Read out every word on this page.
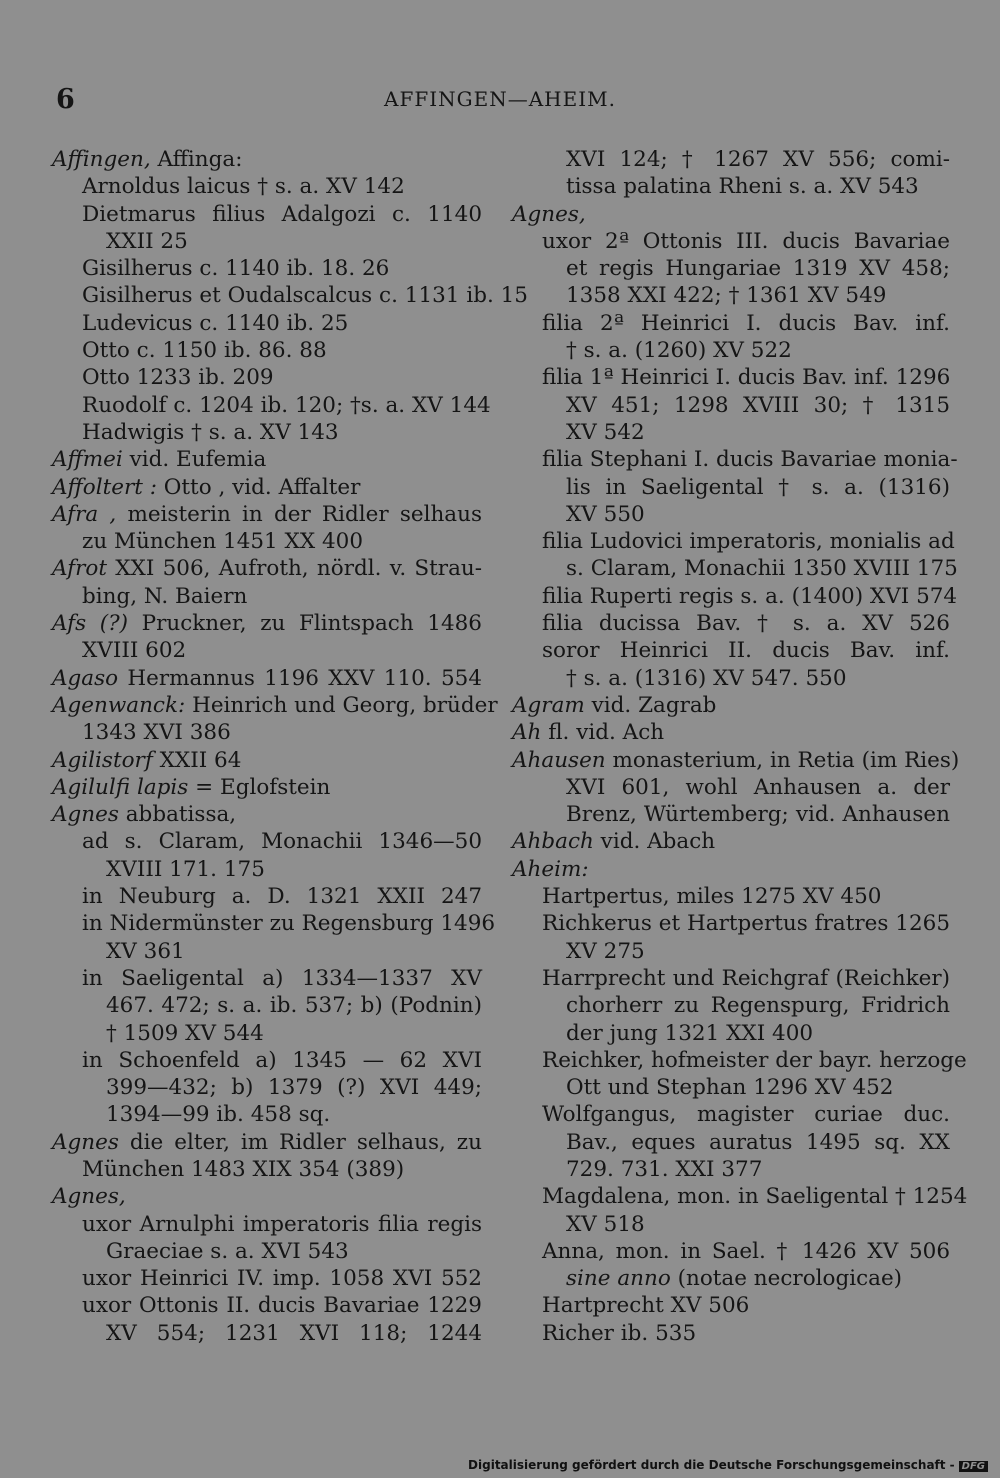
6	AFFINGEN—AHEIM.
Affingen, Affinga:
Arnoldus laicus † s. a. XV 142
Dietmarus filius Adalgozi c. 1140
XXII 25
Gisilherus c. 1140 ib. 18. 26
Gisilherus et Oudalscalcus c. 1131 ib. 15
Ludevicus c. 1140 ib. 25
Otto c. 1150 ib. 86. 88
Otto 1233 ib. 209
Ruodolf c. 1204 ib. 120; †s. a. XV 144
Hadwigis † s. a. XV 143
Affmei vid. Eufemia
Affoltert : Otto , vid. Affalter
Afra , meisterin in der Ridler selhaus
zu München 1451 XX 400
Afrot XXI 506, Aufroth, nördl. v. Strau-
bing, N. Baiern
Afs (?) Pruckner, zu Flintspach 1486
XVIII 602
Agaso Hermannus 1196 XXV 110. 554
Agenwanck: Heinrich und Georg, brüder
1343 XVI 386
Agilistorf XXII 64
Agilulfi lapis = Eglofstein
Agnes abbatissa,
ad s. Claram, Monachii 1346—50
XVIII 171. 175
in Neuburg a. D. 1321 XXII 247
in Nidermünster zu Regensburg 1496
XV 361
in Saeligental a) 1334—1337 XV
467. 472; s. a. ib. 537; b) (Podnin)
† 1509 XV 544
in Schoenfeld a) 1345 — 62 XVI
399—432; b) 1379 (?) XVI 449;
1394—99 ib. 458 sq.
Agnes die elter, im Ridler selhaus, zu
München 1483 XIX 354 (389)
Agnes,
uxor Arnulphi imperatoris filia regis
Graeciae s. a. XVI 543
uxor Heinrici IV. imp. 1058 XVI 552
uxor Ottonis II. ducis Bavariae 1229
XV 554; 1231 XVI 118; 1244
XVI 124; † 1267 XV 556; comi-
tissa palatina Rheni s. a. XV 543
Agnes,
uxor 2ª Ottonis III. ducis Bavariae
et regis Hungariae 1319 XV 458;
1358 XXI 422; † 1361 XV 549
filia 2ª Heinrici I. ducis Bav. inf.
† s. a. (1260) XV 522
filia 1ª Heinrici I. ducis Bav. inf. 1296
XV 451; 1298 XVIII 30; † 1315
XV 542
filia Stephani I. ducis Bavariae monia-
lis in Saeligental † s. a. (1316)
XV 550
filia Ludovici imperatoris, monialis ad
s. Claram, Monachii 1350 XVIII 175
filia Ruperti regis s. a. (1400) XVI 574
filia ducissa Bav. † s. a. XV 526
soror Heinrici II. ducis Bav. inf.
† s. a. (1316) XV 547. 550
Agram vid. Zagrab
Ah fl. vid. Ach
Ahausen monasterium, in Retia (im Ries)
XVI 601, wohl Anhausen a. der
Brenz, Würtemberg; vid. Anhausen
Ahbach vid. Abach
Aheim:
Hartpertus, miles 1275 XV 450
Richkerus et Hartpertus fratres 1265
XV 275
Harrprecht und Reichgraf (Reichker)
chorherr zu Regenspurg, Fridrich
der jung 1321 XXI 400
Reichker, hofmeister der bayr. herzoge
Ott und Stephan 1296 XV 452
Wolfgangus, magister curiae duc.
Bav., eques auratus 1495 sq. XX
729. 731. XXI 377
Magdalena, mon. in Saeligental † 1254
XV 518
Anna, mon. in Sael. † 1426 XV 506
sine anno (notae necrologicae)
Hartprecht XV 506
Richer ib. 535
Digitalisierung gefördert durch die Deutsche Forschungsgemeinschaft - DFG
